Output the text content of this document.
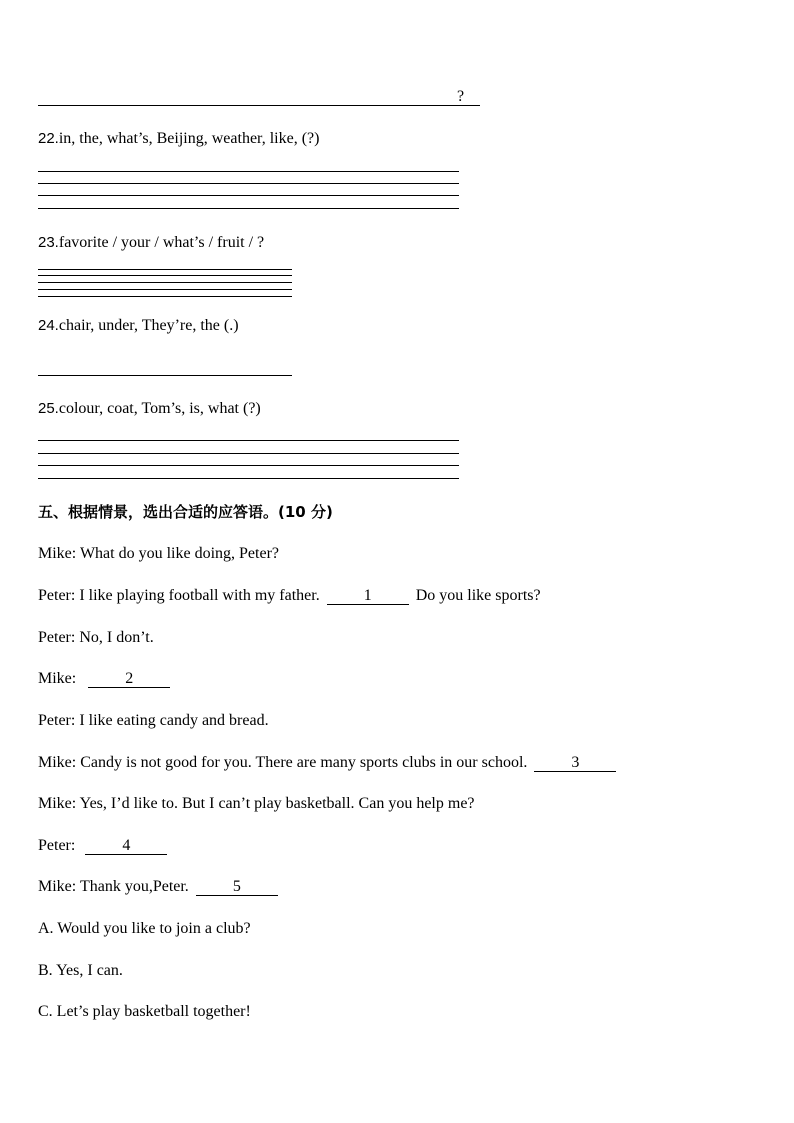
?
22.in, the, what’s, Beijing, weather, like, (?)
23.favorite / your / what’s / fruit / ?
24.chair, under, They’re, the (.)
25.colour, coat, Tom’s, is, what (?)
五、根据情景，选出合适的应答语。(10 分)
Mike: What do you like doing, Peter?
Peter: I like playing football with my father.	1	Do you like sports?
Peter: No, I don’t.
Mike:	2
Peter: I like eating candy and bread.
Mike: Candy is not good for you. There are many sports clubs in our school.	3
Mike: Yes, I’d like to. But I can’t play basketball. Can you help me?
Peter:	4
Mike: Thank you,Peter.	5
A. Would you like to join a club?
B. Yes, I can.
C. Let’s play basketball together!
